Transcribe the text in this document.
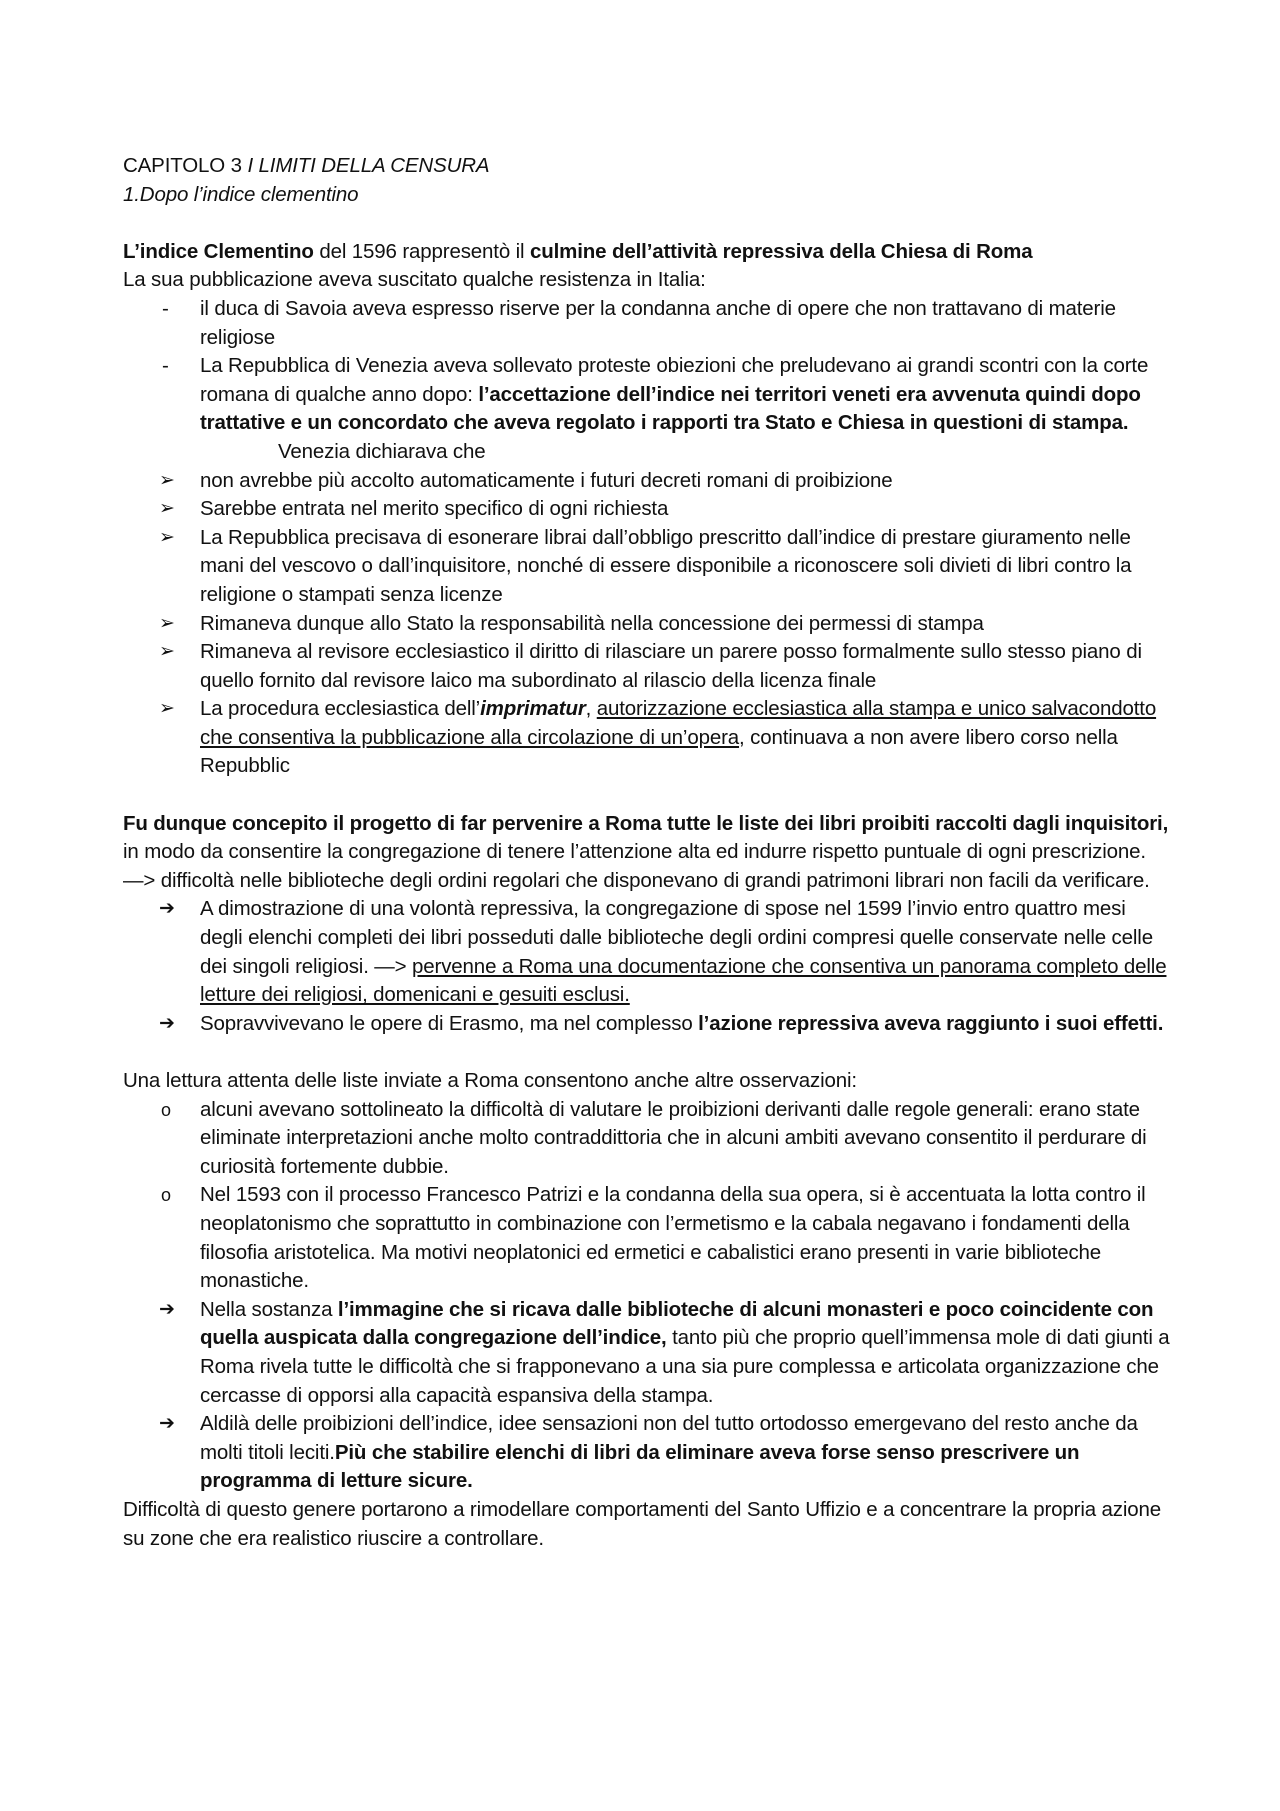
CAPITOLO 3 I LIMITI DELLA CENSURA

1.Dopo l’indice clementino

L’indice Clementino del 1596 rappresentò il culmine dell’attività repressiva della Chiesa di Roma

La sua pubblicazione aveva suscitato qualche resistenza in Italia:

-	il duca di Savoia aveva espresso riserve per la condanna anche di opere che non trattavano di materie religiose
-	La Repubblica di Venezia aveva sollevato proteste obiezioni che preludevano ai grandi scontri con la corte romana di qualche anno dopo: l’accettazione dell’indice nei territori veneti era avvenuta quindi dopo trattative e un concordato che aveva regolato i rapporti tra Stato e Chiesa in questioni di stampa.

Venezia dichiarava che

➢	non avrebbe più accolto automaticamente i futuri decreti romani di proibizione
➢	Sarebbe entrata nel merito specifico di ogni richiesta
➢	La Repubblica precisava di esonerare librai dall’obbligo prescritto dall’indice di prestare giuramento nelle mani del vescovo o dall’inquisitore, nonché di essere disponibile a riconoscere soli divieti di libri contro la religione o stampati senza licenze
➢	Rimaneva dunque allo Stato la responsabilità nella concessione dei permessi di stampa
➢	Rimaneva al revisore ecclesiastico il diritto di rilasciare un parere posso formalmente sullo stesso piano di quello fornito dal revisore laico ma subordinato al rilascio della licenza finale
➢	La procedura ecclesiastica dell’imprimatur, autorizzazione ecclesiastica alla stampa e unico salvacondotto che consentiva la pubblicazione alla circolazione di un’opera, continuava a non avere libero corso nella Repubblic

Fu dunque concepito il progetto di far pervenire a Roma tutte le liste dei libri proibiti raccolti dagli inquisitori, in modo da consentire la congregazione di tenere l’attenzione alta ed indurre rispetto puntuale di ogni prescrizione. —> difficoltà nelle biblioteche degli ordini regolari che disponevano di grandi patrimoni librari non facili da verificare.

➔	A dimostrazione di una volontà repressiva, la congregazione di spose nel 1599 l’invio entro quattro mesi degli elenchi completi dei libri posseduti dalle biblioteche degli ordini compresi quelle conservate nelle celle dei singoli religiosi. —> pervenne a Roma una documentazione che consentiva un panorama completo delle letture dei religiosi, domenicani e gesuiti esclusi.
➔	Sopravvivevano le opere di Erasmo, ma nel complesso l’azione repressiva aveva raggiunto i suoi effetti.

Una lettura attenta delle liste inviate a Roma consentono anche altre osservazioni:

o	alcuni avevano sottolineato la difficoltà di valutare le proibizioni derivanti dalle regole generali: erano state eliminate interpretazioni anche molto contraddittoria che in alcuni ambiti avevano consentito il perdurare di curiosità fortemente dubbie.
o	Nel 1593 con il processo Francesco Patrizi e la condanna della sua opera, si è accentuata la lotta contro il neoplatonismo che soprattutto in combinazione con l’ermetismo e la cabala negavano i fondamenti della filosofia aristotelica. Ma motivi neoplatonici ed ermetici e cabalistici erano presenti in varie biblioteche monastiche.
➔	Nella sostanza l’immagine che si ricava dalle biblioteche di alcuni monasteri e poco coincidente con quella auspicata dalla congregazione dell’indice, tanto più che proprio quell’immensa mole di dati giunti a Roma rivela tutte le difficoltà che si frapponevano a una sia pure complessa e articolata organizzazione che cercasse di opporsi alla capacità espansiva della stampa.
➔	Aldilà delle proibizioni dell’indice, idee sensazioni non del tutto ortodosso emergevano del resto anche da molti titoli leciti.Più che stabilire elenchi di libri da eliminare aveva forse senso prescrivere un programma di letture sicure.

Difficoltà di questo genere portarono a rimodellare comportamenti del Santo Uffizio e a concentrare la propria azione su zone che era realistico riuscire a controllare.
